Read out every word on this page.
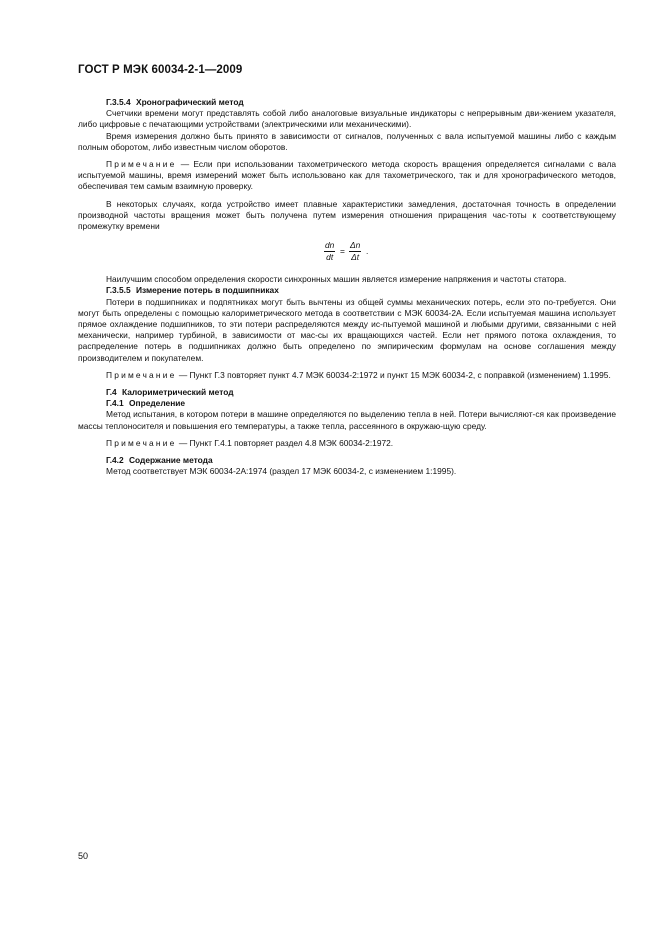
ГОСТ Р МЭК 60034-2-1—2009
Г.3.5.4 Хронографический метод

Счетчики времени могут представлять собой либо аналоговые визуальные индикаторы с непрерывным дви-жением указателя, либо цифровые с печатающими устройствами (электрическими или механическими).

Время измерения должно быть принято в зависимости от сигналов, полученных с вала испытуемой машины либо с каждым полным оборотом, либо известным числом оборотов.

Примечание — Если при использовании тахометрического метода скорость вращения определяется сигналами с вала испытуемой машины, время измерений может быть использовано как для тахометрического, так и для хронографического методов, обеспечивая тем самым взаимную проверку.

В некоторых случаях, когда устройство имеет плавные характеристики замедления, достаточная точность в определении производной частоты вращения может быть получена путем измерения отношения приращения час-тоты к соответствующему промежутку времени

$\frac{dn}{dt} = \frac{\Delta n}{\Delta t}$ .

Наилучшим способом определения скорости синхронных машин является измерение напряжения и частоты статора.

Г.3.5.5 Измерение потерь в подшипниках

Потери в подшипниках и подпятниках могут быть вычтены из общей суммы механических потерь, если это по-требуется. Они могут быть определены с помощью калориметрического метода в соответствии с МЭК 60034-2А. Если испытуемая машина использует прямое охлаждение подшипников, то эти потери распределяются между ис-пытуемой машиной и любыми другими, связанными с ней механически, например турбиной, в зависимости от мас-сы их вращающихся частей. Если нет прямого потока охлаждения, то распределение потерь в подшипниках должно быть определено по эмпирическим формулам на основе соглашения между производителем и покупателем.

Примечание — Пункт Г.3 повторяет пункт 4.7 МЭК 60034-2:1972 и пункт 15 МЭК 60034-2, с поправкой (изменением) 1.1995.

Г.4 Калориметрический метод
Г.4.1 Определение

Метод испытания, в котором потери в машине определяются по выделению тепла в ней. Потери вычисляют-ся как произведение массы теплоносителя и повышения его температуры, а также тепла, рассеянного в окружаю-щую среду.

Примечание — Пункт Г.4.1 повторяет раздел 4.8 МЭК 60034-2:1972.

Г.4.2 Содержание метода

Метод соответствует МЭК 60034-2А:1974 (раздел 17 МЭК 60034-2, с изменением 1:1995).

50
